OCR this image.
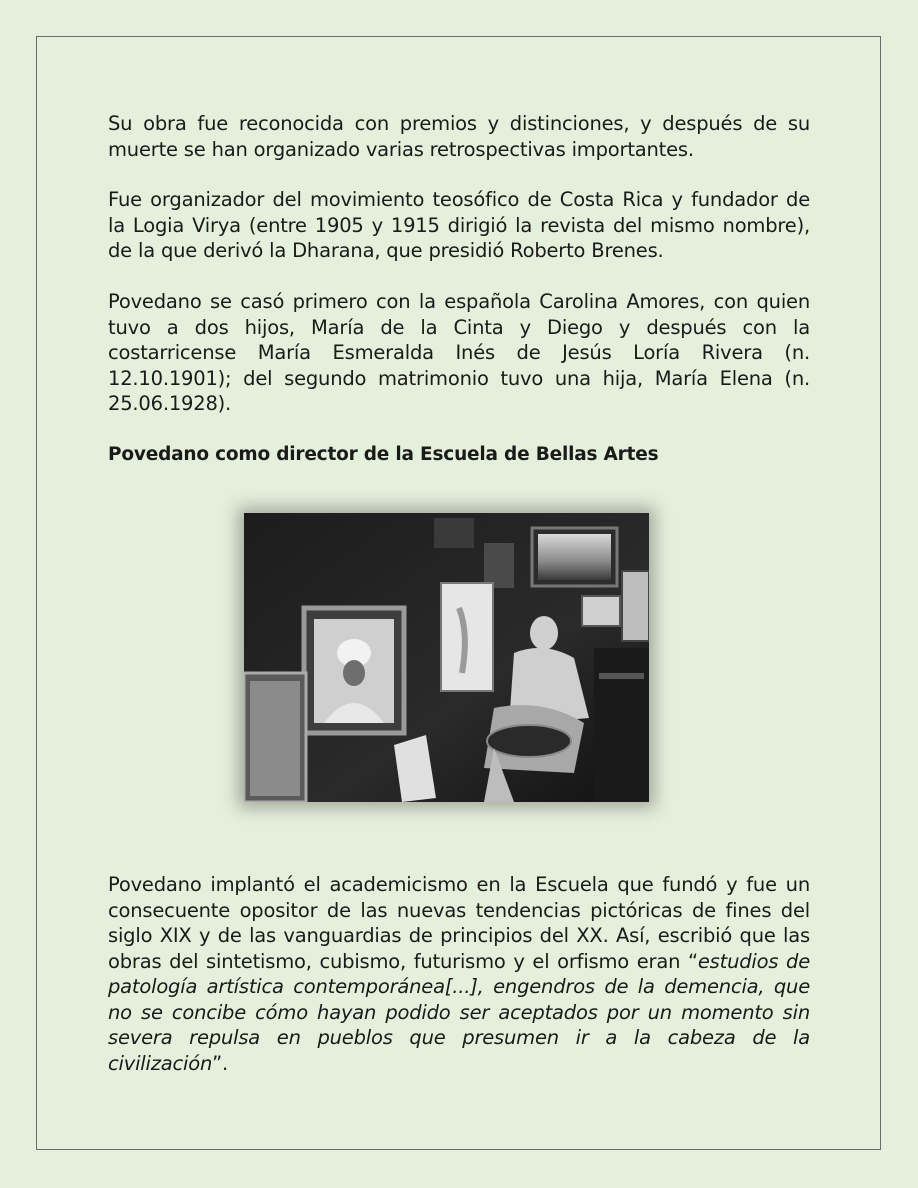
Su obra fue reconocida con premios y distinciones, y después de su muerte se han organizado varias retrospectivas importantes.

Fue organizador del movimiento teosófico de Costa Rica y fundador de la Logia Virya (entre 1905 y 1915 dirigió la revista del mismo nombre), de la que derivó la Dharana, que presidió Roberto Brenes.

Povedano se casó primero con la española Carolina Amores, con quien tuvo a dos hijos, María de la Cinta y Diego y después con la costarricense María Esmeralda Inés de Jesús Loría Rivera (n. 12.10.1901); del segundo matrimonio tuvo una hija, María Elena (n. 25.06.1928).

Povedano como director de la Escuela de Bellas Artes

Povedano implantó el academicismo en la Escuela que fundó y fue un consecuente opositor de las nuevas tendencias pictóricas de fines del siglo XIX y de las vanguardias de principios del XX. Así, escribió que las obras del sintetismo, cubismo, futurismo y el orfismo eran “estudios de patología artística contemporánea[...], engendros de la demencia, que no se concibe cómo hayan podido ser aceptados por un momento sin severa repulsa en pueblos que presumen ir a la cabeza de la civilización”.
